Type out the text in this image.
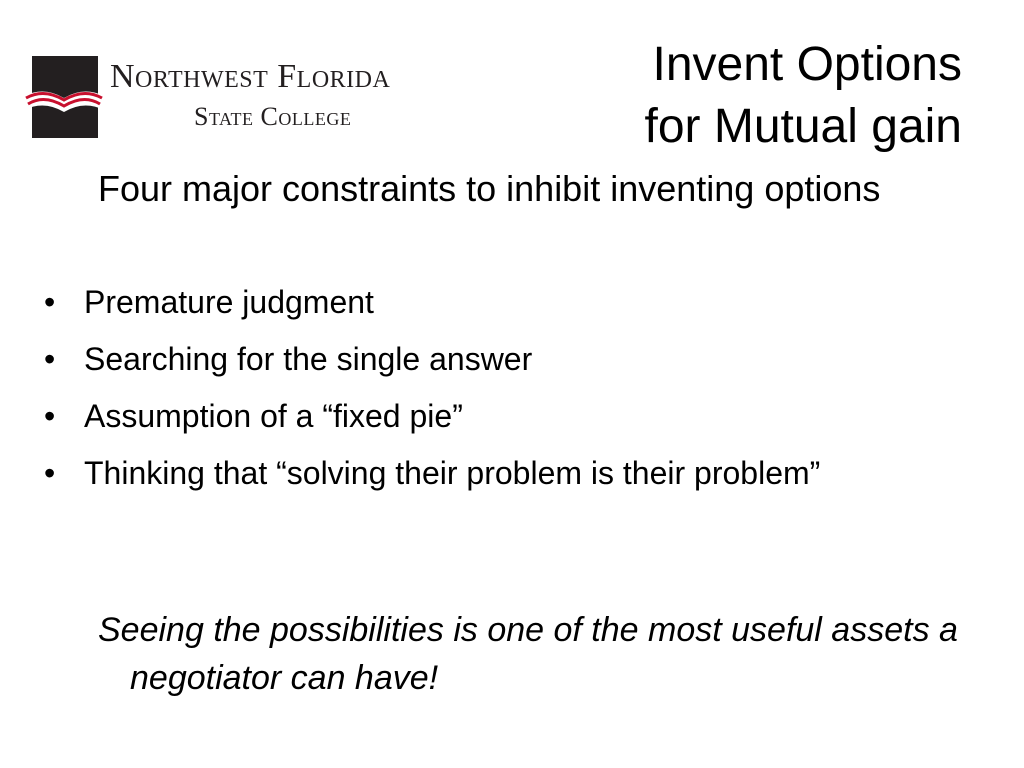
Northwest Florida
State College
Invent Options
for Mutual gain
Four major constraints to inhibit inventing options
• Premature judgment
• Searching for the single answer
• Assumption of a “fixed pie”
• Thinking that “solving their problem is their problem”
Seeing the possibilities is one of the most useful assets a negotiator can have!
